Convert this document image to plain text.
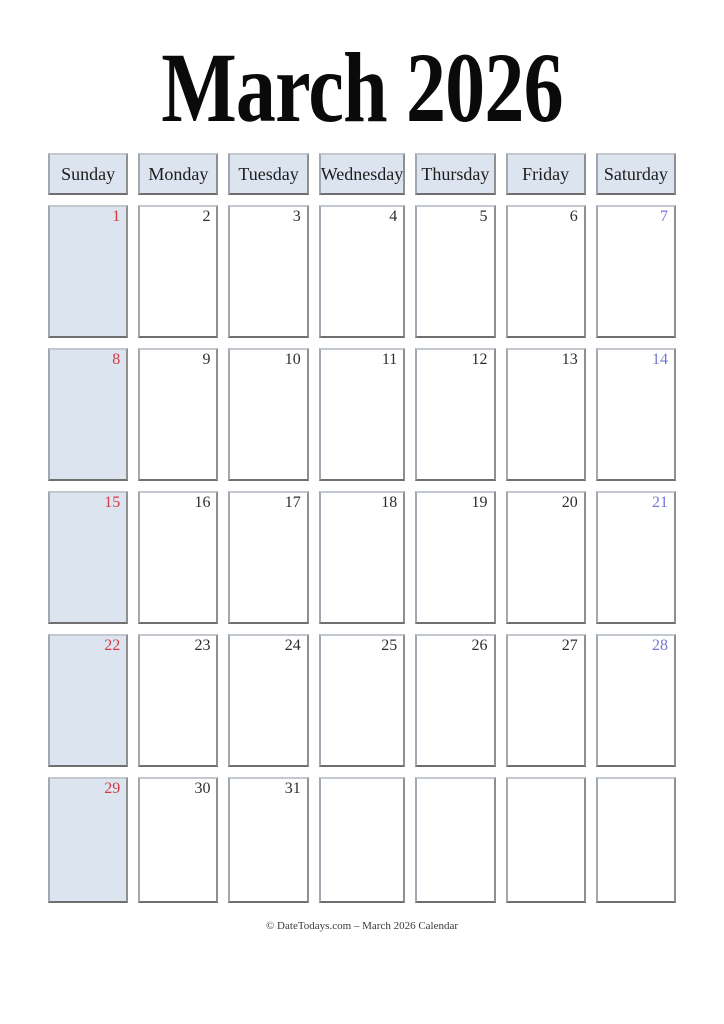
March 2026
Sunday Monday Tuesday Wednesday Thursday Friday Saturday
1	2	3	4	5	6	7
8	9	10	11	12	13	14
15	16	17	18	19	20	21
22	23	24	25	26	27	28
29	30	31
© DateTodays.com – March 2026 Calendar
